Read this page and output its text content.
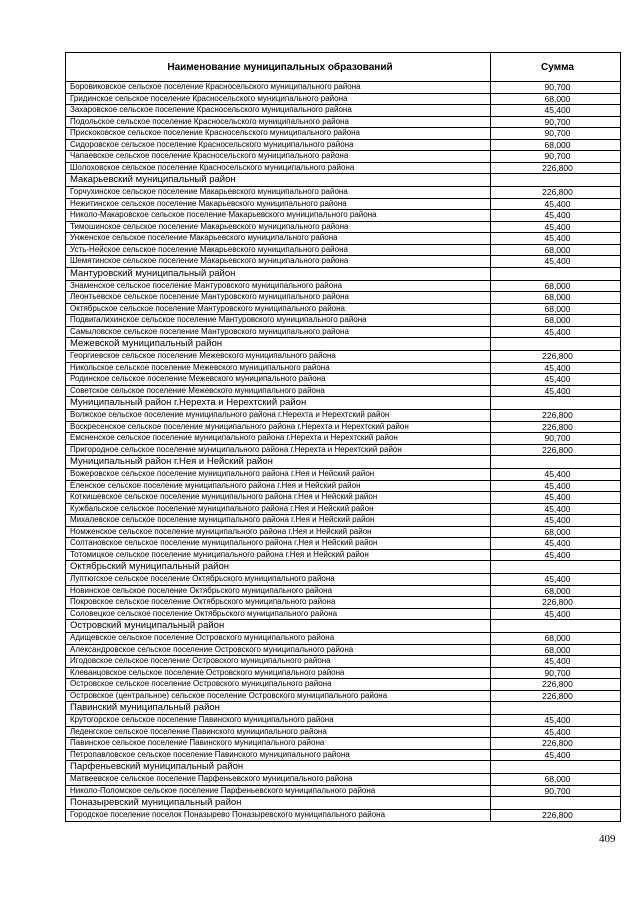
Наименование муниципальных образований	Сумма
Боровиковское сельское поселение Красносельского муниципального района	90,700
Гридинское сельское поселение Красносельского муниципального района	68,000
Захаровское сельское поселение Красносельского муниципального района	45,400
Подольское сельское поселение Красносельского муниципального района	90,700
Прискоковское сельское поселение Красносельского муниципального района	90,700
Сидоровское сельское поселение Красносельского муниципального района	68,000
Чапаевское сельское поселение Красносельского муниципального района	90,700
Шолоховское сельское поселение Красносельского муниципального района	226,800
Макарьевский муниципальный район	
Горчухинское сельское поселение Макарьевского муниципального района	226,800
Нежитинское сельское поселение Макарьевского муниципального района	45,400
Николо-Макаровское сельское поселение Макарьевского муниципального района	45,400
Тимошинское сельское поселение Макарьевского муниципального района	45,400
Унженское сельское поселение Макарьевского муниципального района	45,400
Усть-Нейское сельское поселение Макарьевского муниципального района	68,000
Шемятинское сельское поселение Макарьевского муниципального района	45,400
Мантуровский муниципальный район	
Знаменское сельское поселение Мантуровского муниципального района	68,000
Леонтьевское сельское поселение Мантуровского муниципального района	68,000
Октябрьское сельское поселение Мантуровского муниципального района	68,000
Подвигалихинское сельское поселение Мантуровского муниципального района	68,000
Самыловское сельское поселение Мантуровского муниципального района	45,400
Межевской муниципальный район	
Георгиевское сельское поселение Межевского муниципального района	226,800
Никольское сельское поселение Межевского муниципального района	45,400
Родинское сельское поселение Межевского муниципального района	45,400
Советское сельское поселение Межевского муниципального района	45,400
Муниципальный район г.Нерехта и Нерехтский район	
Волжское сельское поселение муниципального района г.Нерехта и Нерехтский район	226,800
Воскресенское сельское поселение муниципального района г.Нерехта и Нерехтский район	226,800
Емсненское сельское поселение муниципального района г.Нерехта и Нерехтский район	90,700
Пригородное сельское поселение муниципального района г.Нерехта и Нерехтский район	226,800
Муниципальный район г.Нея и Нейский район	
Вожеровское сельское поселение муниципального района г.Нея и Нейский район	45,400
Еленское сельское поселение муниципального района г.Нея и Нейский район	45,400
Коткишевское сельское поселение муниципального района г.Нея и Нейский район	45,400
Кужбальское сельское поселение муниципального района г.Нея и Нейский район	45,400
Михалевское сельское поселение муниципального района г.Нея и Нейский район	45,400
Номженское сельское поселение муниципального района г.Нея и Нейский район	68,000
Солтановское сельское поселение муниципального района г.Нея и Нейский район	45,400
Тотомицкое сельское поселение муниципального района г.Нея и Нейский район	45,400
Октябрьский муниципальный район	
Луптюгское сельское поселение Октябрьского муниципального района	45,400
Новинское сельское поселение Октябрьского муниципального района	68,000
Покровское сельское поселение Октябрьского муниципального района	226,800
Соловецкое сельское поселение Октябрьского муниципального района	45,400
Островский муниципальный район	
Адищевское сельское поселение Островского муниципального района	68,000
Александровское сельское поселение Островского муниципального района	68,000
Игодовское сельское поселение Островского муниципального района	45,400
Клеванцовское сельское поселение Островского муниципального района	90,700
Островское сельское поселение Островского муниципального района	226,800
Островское (центральное) сельское поселение Островского муниципального района	226,800
Павинский муниципальный район	
Крутогорское сельское поселение Павинского муниципального района	45,400
Леденгское сельское поселение Павинского муниципального района	45,400
Павинское сельское поселение Павинского муниципального района	226,800
Петропавловское сельское поселение Павинского муниципального района	45,400
Парфеньевский муниципальный район	
Матвеевское сельское поселение Парфеньевского муниципального района	68,000
Николо-Поломское сельское поселение Парфеньевского муниципального района	90,700
Поназыревский муниципальный район	
Городское поселение поселок Поназырево Поназыревского муниципального района	226,800
409
